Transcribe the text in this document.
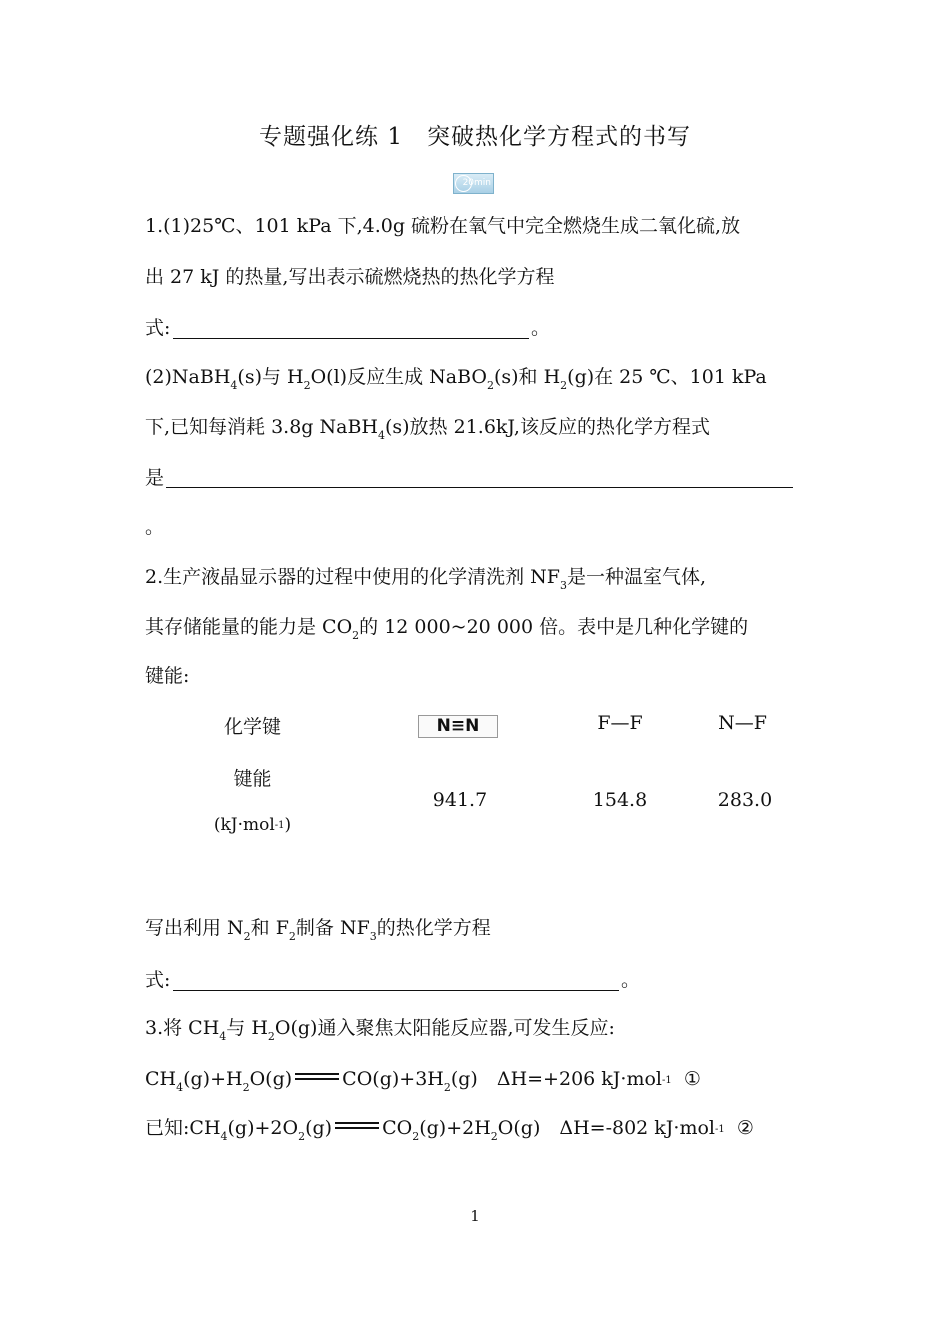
专题强化练 1　突破热化学方程式的书写
20min
1.(1)25℃、101 kPa 下,4.0g 硫粉在氧气中完全燃烧生成二氧化硫,放
出 27 kJ 的热量,写出表示硫燃烧热的热化学方程
式:	。
(2)NaBH$_4$(s)与 $H_2O(l)$反应生成 NaBO$_2$(s)和 $H_2(g)$在 25 ℃、101 kPa
下,已知每消耗 3.8g NaBH$_4$(s)放热 21.6kJ,该反应的热化学方程式
是
。
2.生产液晶显示器的过程中使用的化学清洗剂 $NF_3$是一种温室气体,
其存储能量的能力是 $CO_2$的 12 000~20 000 倍。表中是几种化学键的
键能:
化学键	N≡N	F—F	N—F
键能
(kJ·mol$^{-1}$)
941.7	154.8	283.0
写出利用 $N_2$和 $F_2$制备 $NF_3$的热化学方程
式:	。
3.将 $CH_4$与 $H_2O(g)$通入聚焦太阳能反应器,可发生反应:
$CH_4(g)+H_2O(g)$	$CO(g)+3H_2(g)$　ΔH=+206 kJ·mol$^{-1}$ ①
已知$:CH_4(g)+2O_2(g)$	$CO_2(g)+2H_2O(g)$　ΔH=-802 kJ·mol$^{-1}$ ②
1
